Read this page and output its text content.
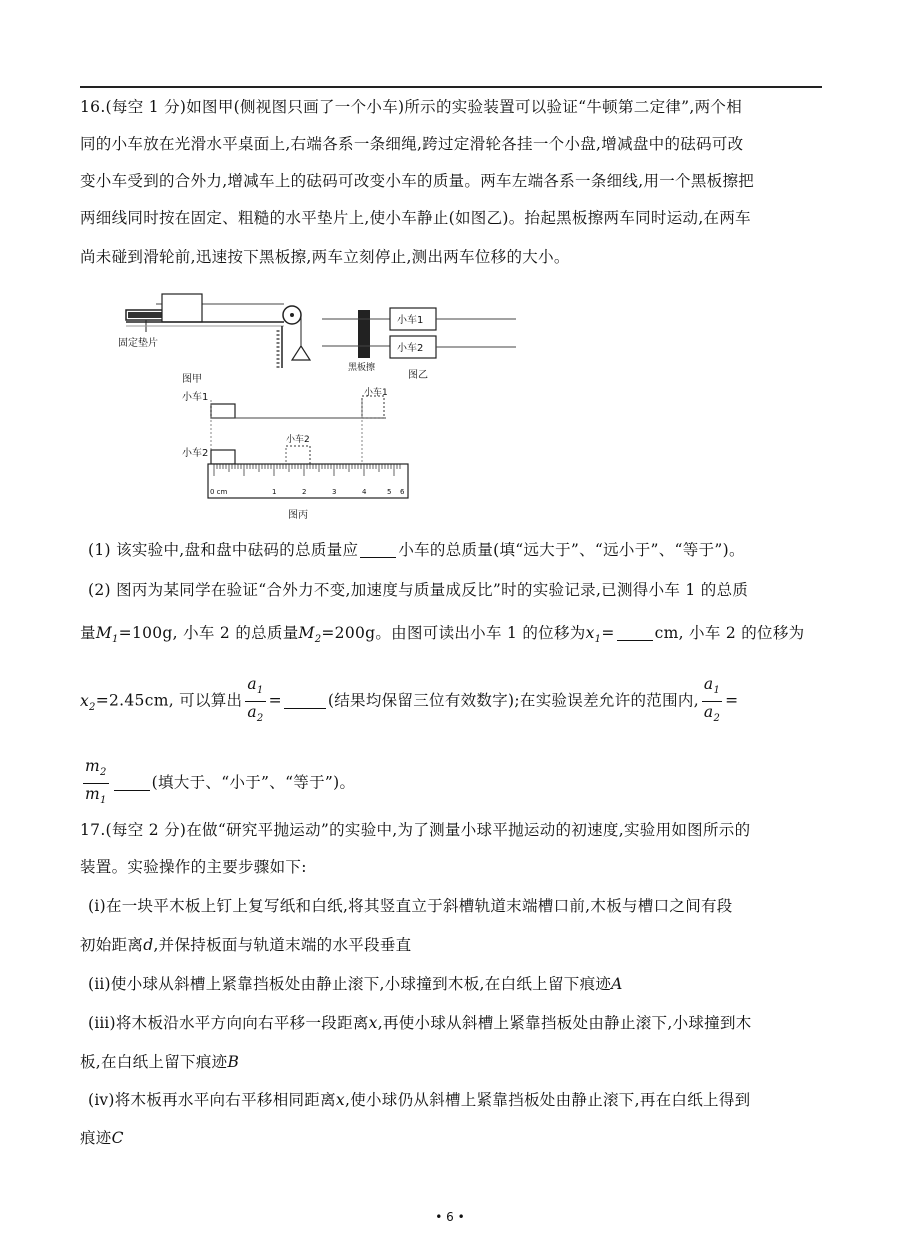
16.(每空 1 分)如图甲(侧视图只画了一个小车)所示的实验装置可以验证“牛顿第二定律”,两个相
同的小车放在光滑水平桌面上,右端各系一条细绳,跨过定滑轮各挂一个小盘,增减盘中的砝码可改
变小车受到的合外力,增减车上的砝码可改变小车的质量。两车左端各系一条细线,用一个黑板擦把
两细线同时按在固定、粗糙的水平垫片上,使小车静止(如图乙)。抬起黑板擦两车同时运动,在两车
尚未碰到滑轮前,迅速按下黑板擦,两车立刻停止,测出两车位移的大小。
固定垫片
图甲
小车1
小车2
黑板擦
图乙
小车1	小车1
小车2
小车2
0 cm	1	2	3	4	5 6
图丙
(1) 该实验中,盘和盘中砝码的总质量应	小车的总质量(填“远大于”、“远小于”、“等于”)。
(2) 图丙为某同学在验证“合外力不变,加速度与质量成反比”时的实验记录,已测得小车 1 的总质
量$M_1=100g$, 小车 2 的总质量$M_2=200g$。由图可读出小车 1 的位移为$x_1=$	cm, 小车 2 的位移为
$x_2=2.45cm$, 可以算出 $\frac{a_1}{a_2}$ =	(结果均保留三位有效数字);在实验误差允许的范围内, $\frac{a_1}{a_2}$ =
$\frac{m_2}{m_1}$	(填大于、“小于”、“等于”)。
17.(每空 2 分)在做“研究平抛运动”的实验中,为了测量小球平抛运动的初速度,实验用如图所示的
装置。实验操作的主要步骤如下:
(ⅰ)在一块平木板上钉上复写纸和白纸,将其竖直立于斜槽轨道末端槽口前,木板与槽口之间有段
初始距离d,并保持板面与轨道末端的水平段垂直
(ⅱ)使小球从斜槽上紧靠挡板处由静止滚下,小球撞到木板,在白纸上留下痕迹A
(ⅲ)将木板沿水平方向向右平移一段距离x,再使小球从斜槽上紧靠挡板处由静止滚下,小球撞到木
板,在白纸上留下痕迹B
(ⅳ)将木板再水平向右平移相同距离x,使小球仍从斜槽上紧靠挡板处由静止滚下,再在白纸上得到
痕迹C
• 6 •
